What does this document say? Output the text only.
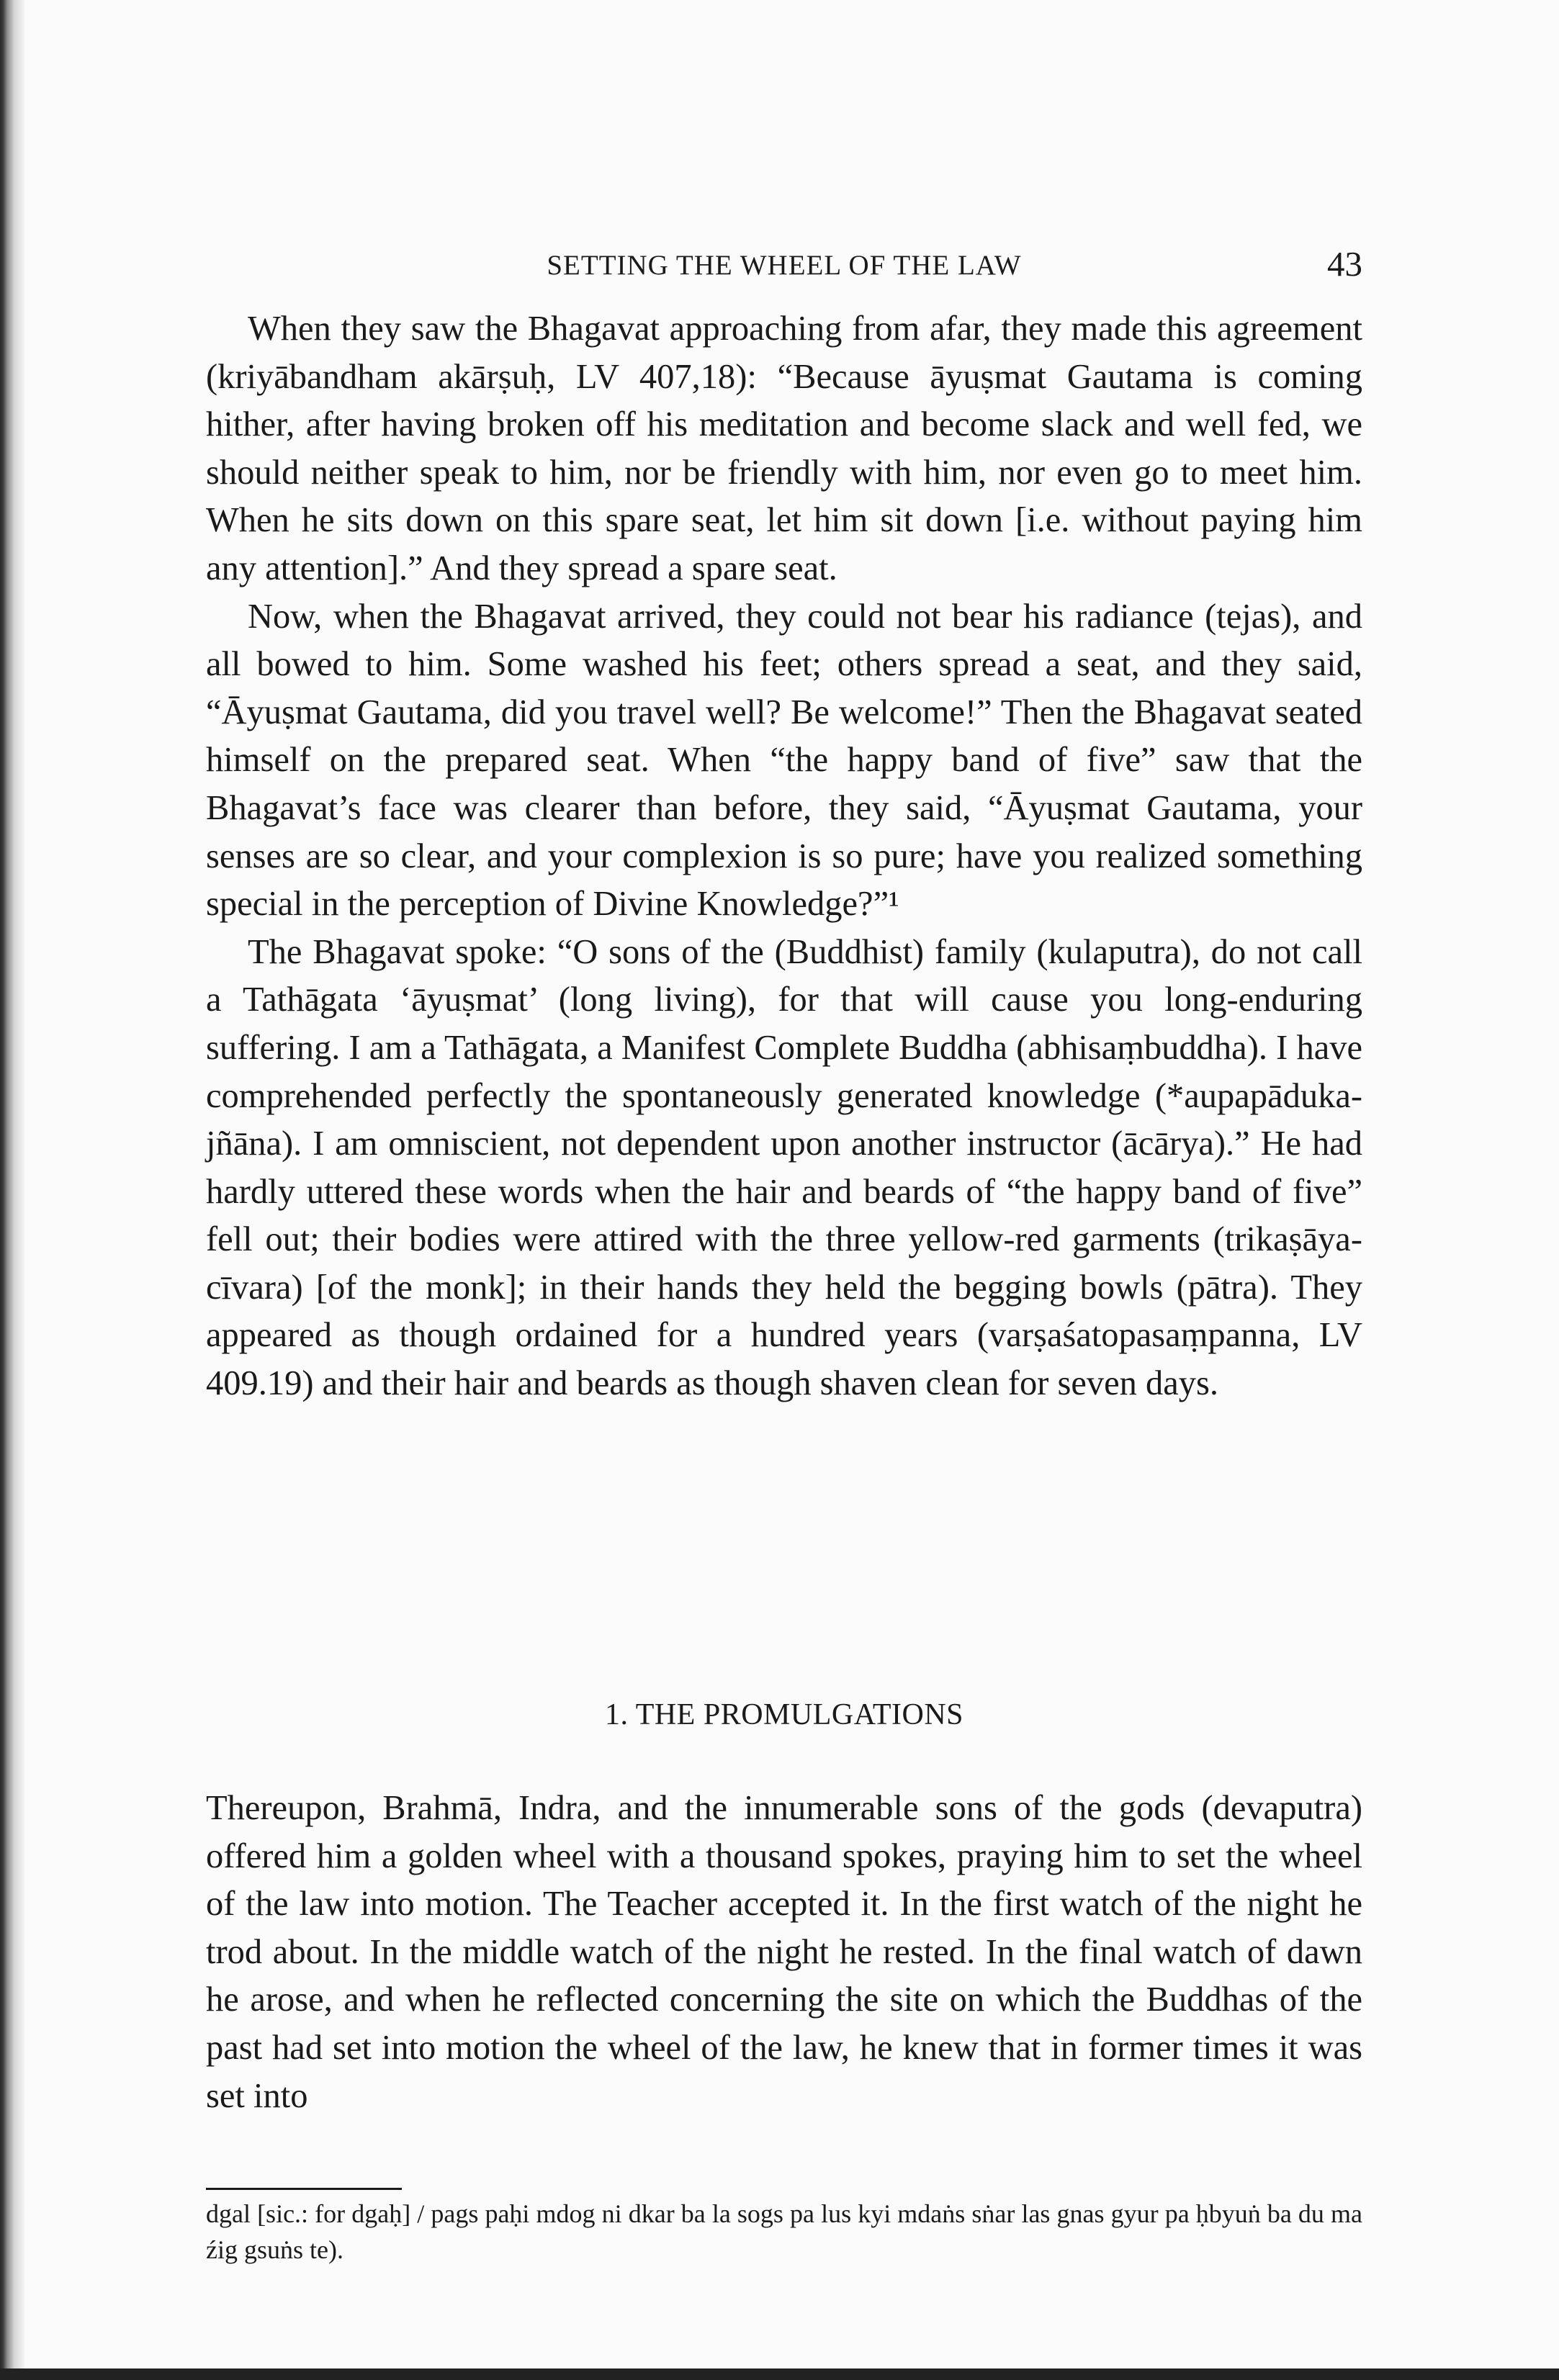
SETTING THE WHEEL OF THE LAW	43

When they saw the Bhagavat approaching from afar, they made this agreement (kriyābandham akārṣuḥ, LV 407,18): “Because āyuṣmat Gautama is coming hither, after having broken off his meditation and become slack and well fed, we should neither speak to him, nor be friendly with him, nor even go to meet him. When he sits down on this spare seat, let him sit down [i.e. without paying him any attention].” And they spread a spare seat.

Now, when the Bhagavat arrived, they could not bear his radiance (tejas), and all bowed to him. Some washed his feet; others spread a seat, and they said, “Āyuṣmat Gautama, did you travel well? Be welcome!” Then the Bhagavat seated himself on the prepared seat. When “the happy band of five” saw that the Bhagavat’s face was clearer than before, they said, “Āyuṣmat Gautama, your senses are so clear, and your complexion is so pure; have you realized something special in the perception of Divine Knowledge?”¹

The Bhagavat spoke: “O sons of the (Buddhist) family (kulaputra), do not call a Tathāgata ‘āyuṣmat’ (long living), for that will cause you long-enduring suffering. I am a Tathāgata, a Manifest Complete Buddha (abhisaṃbuddha). I have comprehended perfectly the spontaneously generated knowledge (*aupapāduka-jñāna). I am omniscient, not dependent upon another instructor (ācārya).” He had hardly uttered these words when the hair and beards of “the happy band of five” fell out; their bodies were attired with the three yellow-red garments (trikaṣāyacīvara) [of the monk]; in their hands they held the begging bowls (pātra). They appeared as though ordained for a hundred years (varṣaśatopasaṃpanna, LV 409.19) and their hair and beards as though shaven clean for seven days.

1. THE PROMULGATIONS

Thereupon, Brahmā, Indra, and the innumerable sons of the gods (devaputra) offered him a golden wheel with a thousand spokes, praying him to set the wheel of the law into motion. The Teacher accepted it. In the first watch of the night he trod about. In the middle watch of the night he rested. In the final watch of dawn he arose, and when he reflected concerning the site on which the Buddhas of the past had set into motion the wheel of the law, he knew that in former times it was set into

dgal [sic.: for dgaḥ] / pags paḥi mdog ni dkar ba la sogs pa lus kyi mdaṅs sṅar las gnas gyur pa ḥbyuṅ ba du ma źig gsuṅs te).
